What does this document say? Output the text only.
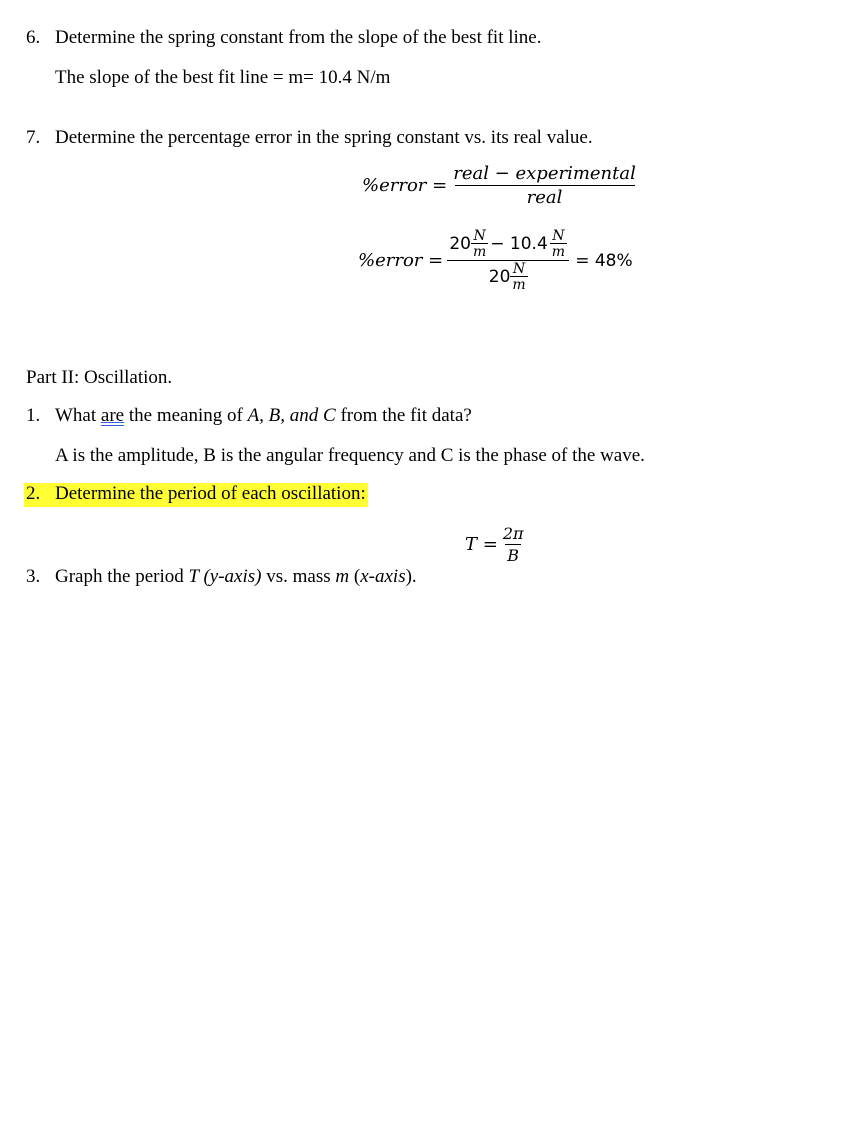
6. Determine the spring constant from the slope of the best fit line.
The slope of the best fit line = m= 10.4 N/m
7. Determine the percentage error in the spring constant vs. its real value.
%error = $\frac{\text{real − experimental}}{\text{real}}$
%error =
$20 \frac{N}{m} - 10.4 \frac{N}{m}$
$20 \frac{N}{m}$
= 48%
Part II: Oscillation.
1. What are the meaning of A, B, and C from the fit data?
A is the amplitude, B is the angular frequency and C is the phase of the wave.
2. Determine the period of each oscillation:
$T = \frac{2\pi}{B}$
3. Graph the period T (y-axis) vs. mass m (x-axis).
